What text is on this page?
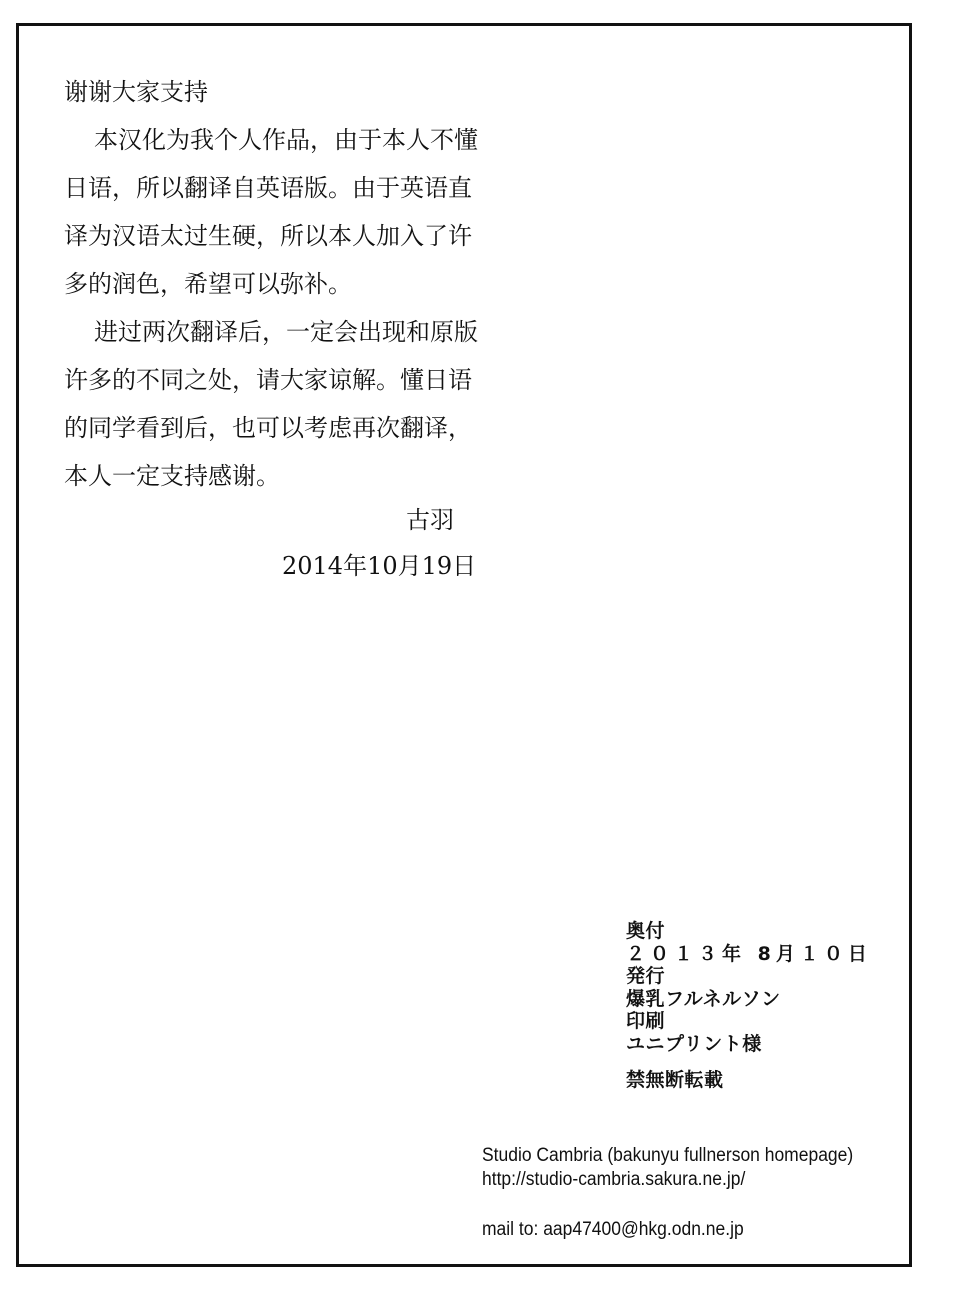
谢谢大家支持

本汉化为我个人作品，由于本人不懂

日语，所以翻译自英语版。由于英语直

译为汉语太过生硬，所以本人加入了许

多的润色，希望可以弥补。

进过两次翻译后，一定会出现和原版

许多的不同之处，请大家谅解。懂日语

的同学看到后，也可以考虑再次翻译，

本人一定支持感谢。

古羽
2014年10月19日
奥付
２０１３年 8月１０日
発行
爆乳フルネルソン
印刷
ユニプリント様
禁無断転載
Studio Cambria (bakunyu fullnerson homepage)
http://studio-cambria.sakura.ne.jp/
mail to: aap47400@hkg.odn.ne.jp
